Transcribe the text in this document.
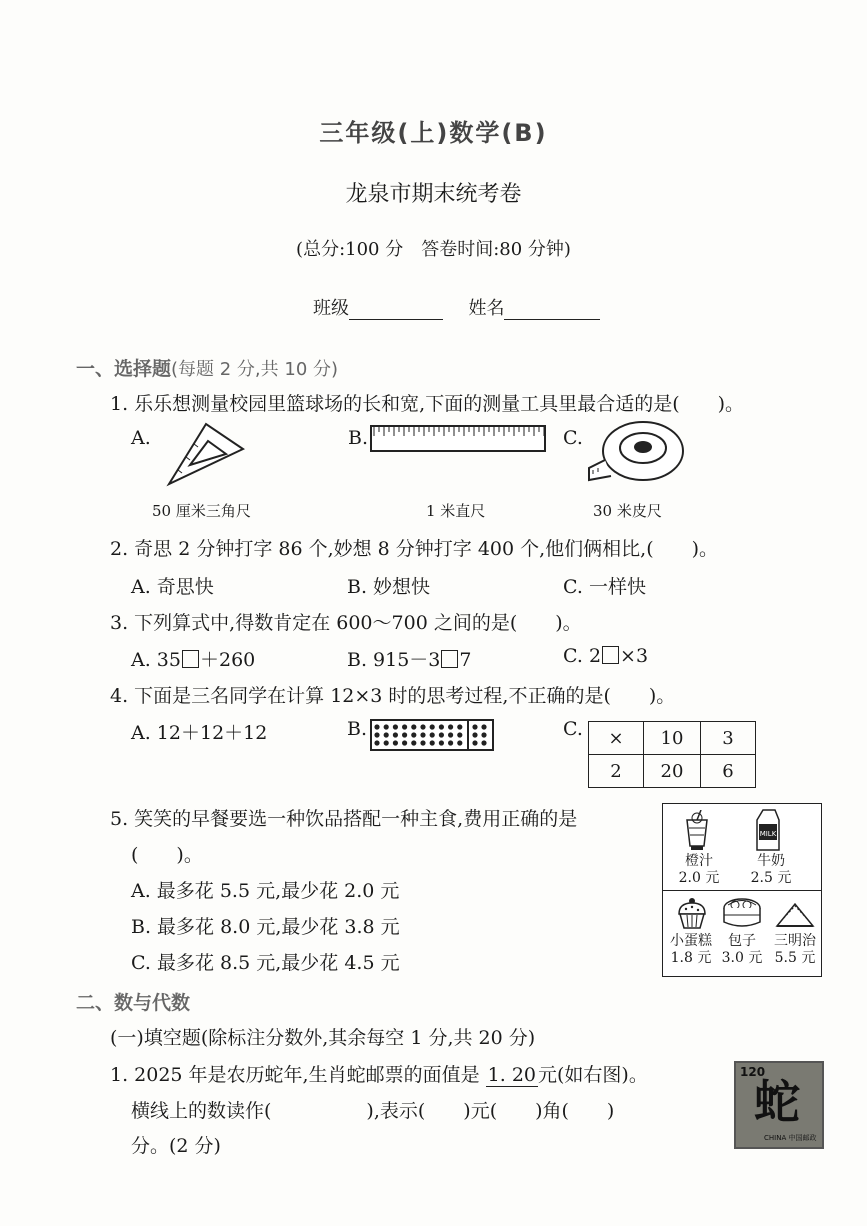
三年级(上)数学(B)
龙泉市期末统考卷
(总分:100 分　答卷时间:80 分钟)
班级	姓名
一、选择题(每题 2 分,共 10 分)
1. 乐乐想测量校园里篮球场的长和宽,下面的测量工具里最合适的是(　　)。
A.
50 厘米三角尺
B.
1 米直尺
C.
30 米皮尺
2. 奇思 2 分钟打字 86 个,妙想 8 分钟打字 400 个,他们俩相比,(　　)。
A. 奇思快	B. 妙想快	C. 一样快
3. 下列算式中,得数肯定在 600～700 之间的是(　　)。
A. 35 ＋260	B. 915－3 7	C. 2 ×3
4. 下面是三名同学在计算 12×3 时的思考过程,不正确的是(　　)。
A. 12＋12＋12	B.	C. ×	10	3
2	20	6
5. 笑笑的早餐要选一种饮品搭配一种主食,费用正确的是
(　　)。
A. 最多花 5.5 元,最少花 2.0 元
B. 最多花 8.0 元,最少花 3.8 元
C. 最多花 8.5 元,最少花 4.5 元
橙汁
2.0 元
MILK
牛奶
2.5 元
小蛋糕
1.8 元
包子
3.0 元
三明治
5.5 元
二、数与代数
(一)填空题(除标注分数外,其余每空 1 分,共 20 分)
1. 2025 年是农历蛇年,生肖蛇邮票的面值是 1. 20 元(如右图)。
横线上的数读作(　　　　　),表示(　　)元(　　)角(　　)
分。(2 分)
120
蛇
CHINA 中国邮政
